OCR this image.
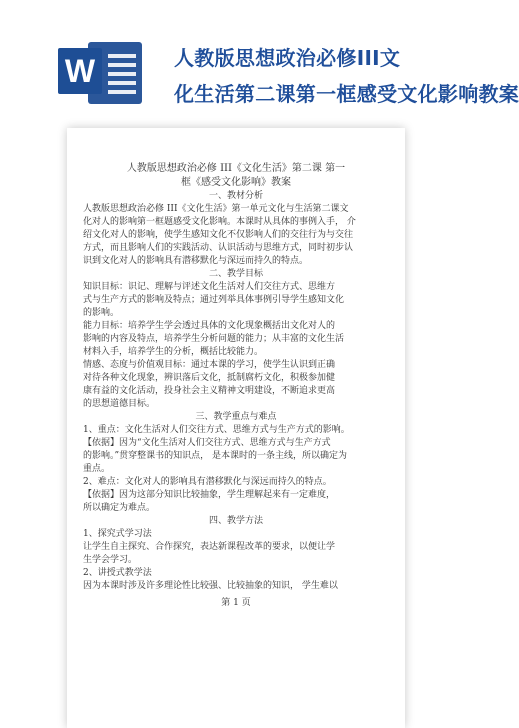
W	人教版思想政治必修III文
化生活第二课第一框感受文化影响教案

人教版思想政治必修 III《文化生活》第二课 第一

框《感受文化影响》教案

一、教材分析

人教版思想政治必修 III《文化生活》第一单元文化与生活第二课文

化对人的影响第一框题感受文化影响。本课时从具体的事例入手， 介

绍文化对人的影响，使学生感知文化不仅影响人们的交往行为与交往

方式，而且影响人们的实践活动、认识活动与思维方式，同时初步认

识到文化对人的影响具有潜移默化与深远而持久的特点。

二、教学目标

知识目标：识记、理解与评述文化生活对人们交往方式、思维方

式与生产方式的影响及特点；通过列举具体事例引导学生感知文化

的影响。

能力目标：培养学生学会透过具体的文化现象概括出文化对人的

影响的内容及特点，培养学生分析问题的能力；从丰富的文化生活

材料入手，培养学生的分析，概括比较能力。

情感、态度与价值观目标：通过本课的学习，使学生认识到正确

对待各种文化现象，辨识落后文化，抵制腐朽文化，积极参加健

康有益的文化活动，投身社会主义精神文明建设，不断追求更高

的思想道德目标。

三、教学重点与难点

1、重点：文化生活对人们交往方式、思维方式与生产方式的影响。

【依据】因为“文化生活对人们交往方式、思维方式与生产方式

的影响。”贯穿整课书的知识点， 是本课时的一条主线，所以确定为

重点。

2、难点：文化对人的影响具有潜移默化与深远而持久的特点。

【依据】因为这部分知识比较抽象，学生理解起来有一定难度，

所以确定为难点。

四、教学方法

1、探究式学习法

让学生自主探究、合作探究，表达新课程改革的要求，以便让学

生学会学习。

2、讲授式教学法

因为本课时涉及许多理论性比较强、比较抽象的知识， 学生难以

第 1 页
